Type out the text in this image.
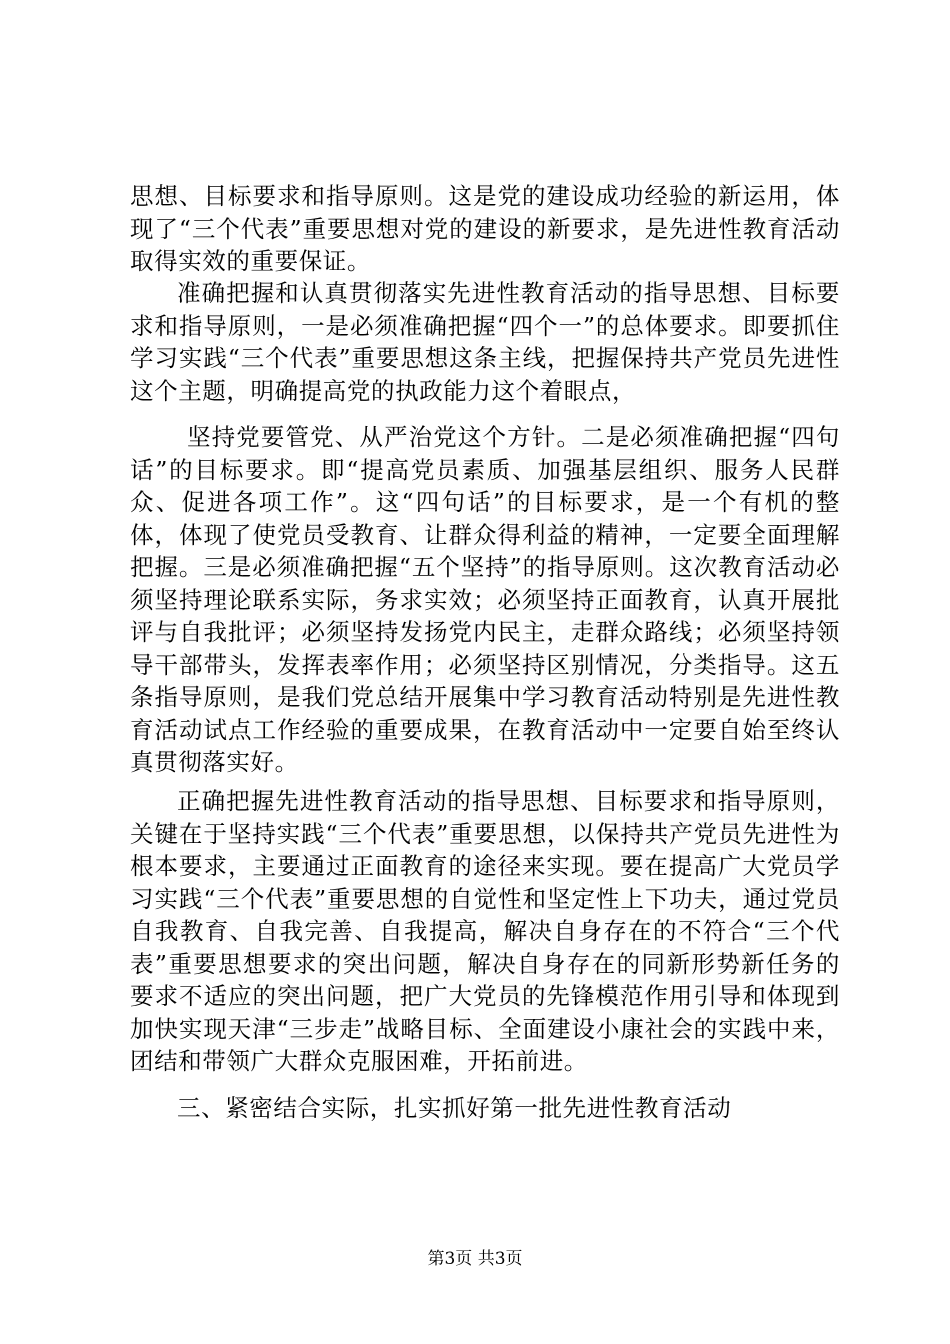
思想、目标要求和指导原则。这是党的建设成功经验的新运用，体现了“三个代表”重要思想对党的建设的新要求，是先进性教育活动取得实效的重要保证。

准确把握和认真贯彻落实先进性教育活动的指导思想、目标要求和指导原则，一是必须准确把握“四个一”的总体要求。即要抓住学习实践“三个代表”重要思想这条主线，把握保持共产党员先进性这个主题，明确提高党的执政能力这个着眼点，

坚持党要管党、从严治党这个方针。二是必须准确把握“四句话”的目标要求。即“提高党员素质、加强基层组织、服务人民群众、促进各项工作”。这“四句话”的目标要求，是一个有机的整体，体现了使党员受教育、让群众得利益的精神，一定要全面理解把握。三是必须准确把握“五个坚持”的指导原则。这次教育活动必须坚持理论联系实际，务求实效；必须坚持正面教育，认真开展批评与自我批评；必须坚持发扬党内民主，走群众路线；必须坚持领导干部带头，发挥表率作用；必须坚持区别情况，分类指导。这五条指导原则，是我们党总结开展集中学习教育活动特别是先进性教育活动试点工作经验的重要成果，在教育活动中一定要自始至终认真贯彻落实好。

正确把握先进性教育活动的指导思想、目标要求和指导原则，关键在于坚持实践“三个代表”重要思想，以保持共产党员先进性为根本要求，主要通过正面教育的途径来实现。要在提高广大党员学习实践“三个代表”重要思想的自觉性和坚定性上下功夫，通过党员自我教育、自我完善、自我提高，解决自身存在的不符合“三个代表”重要思想要求的突出问题，解决自身存在的同新形势新任务的要求不适应的突出问题，把广大党员的先锋模范作用引导和体现到加快实现天津“三步走”战略目标、全面建设小康社会的实践中来，团结和带领广大群众克服困难，开拓前进。

三、紧密结合实际，扎实抓好第一批先进性教育活动

第3页 共3页
